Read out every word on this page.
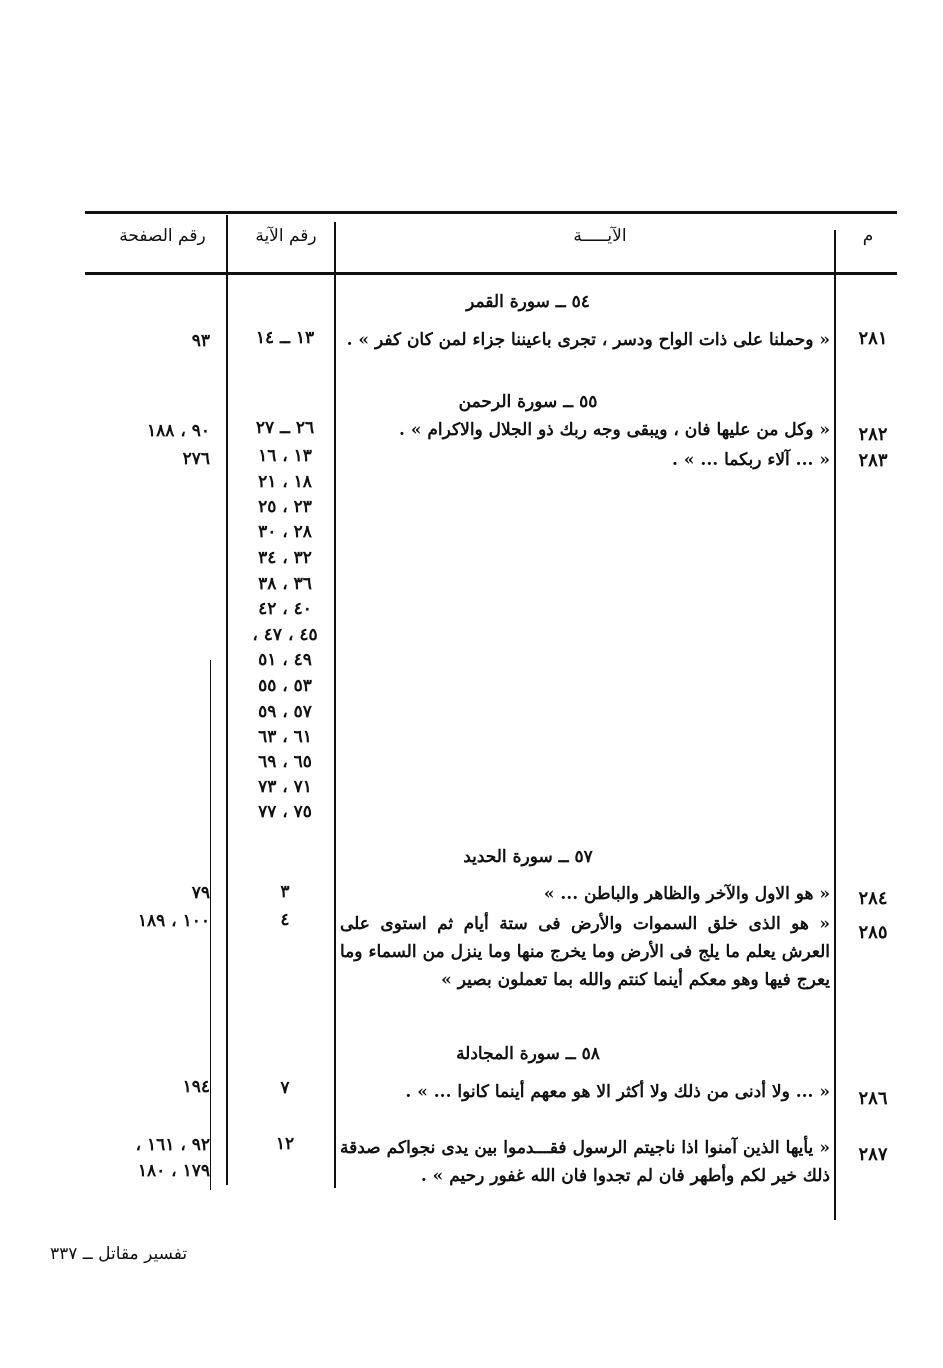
م
الآيـــــة
رقم الآية
رقم الصفحة
٥٤ ــ سورة القمر
٥٥ ــ سورة الرحمن
٥٧ ــ سورة الحديد
٥٨ ــ سورة المجادلة
٢٨١
« وحملنا على ذات الواح ودسر ، تجرى باعيننا جزاء لمن كان كفر » .
١٣ ــ ١٤
٩٣
٢٨٢
« وكل من عليها فان ، ويبقى وجه ربك ذو الجلال والاكرام » .
٢٦ ــ ٢٧
٩٠ ، ١٨٨
٢٨٣
« ... آلاء ربكما ... » .
١٣ ، ١٦
٢٧٦
١٨ ، ٢١
٢٣ ، ٢٥
٢٨ ، ٣٠
٣٢ ، ٣٤
٣٦ ، ٣٨
٤٠ ، ٤٢
٤٥ ، ٤٧ ،
٤٩ ، ٥١
٥٣ ، ٥٥
٥٧ ، ٥٩
٦١ ، ٦٣
٦٥ ، ٦٩
٧١ ، ٧٣
٧٥ ، ٧٧
٢٨٤
« هو الاول والآخر والظاهر والباطن ... »
٣
٧٩
٢٨٥
« هو الذى خلق السموات والأرض فى ستة أيام ثم استوى على العرش يعلم ما يلج فى الأرض وما يخرج منها وما ينزل من السماء وما يعرج فيها وهو معكم أينما كنتم والله بما تعملون بصير »
٤
١٠٠ ، ١٨٩
٢٨٦
« ... ولا أدنى من ذلك ولا أكثر الا هو معهم أينما كانوا ... » .
٧
١٩٤
٢٨٧
« يأيها الذين آمنوا اذا ناجيتم الرسول فقـــدموا بين يدى نجواكم صدقة ذلك خير لكم وأطهر فان لم تجدوا فان الله غفور رحيم » .
١٢
٩٢ ، ١٦١ ،
١٧٩ ، ١٨٠
تفسير مقاتل ــ ٣٣٧
